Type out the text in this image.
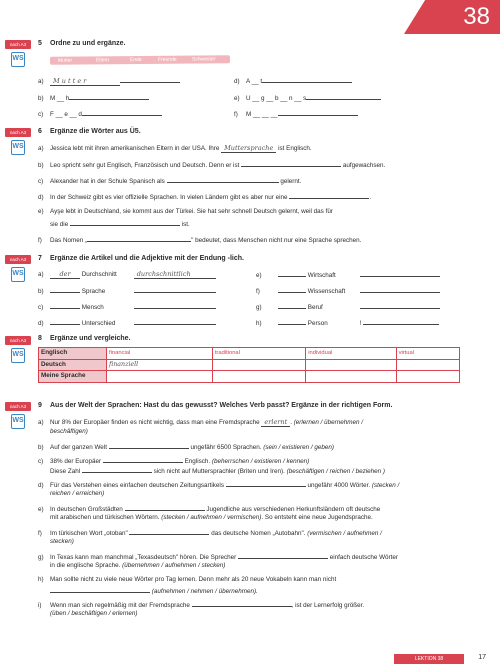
38
nach A3
WS
5 Ordne zu und ergänze.
Mutter	Eltern	Ende	Freunde	Schwester
a) M u t t e r	d) A __ t
b) M __ h	e) U __ g __ b __ n __ s
c) F __ e __ d	f) M __ __ __
nach A3
WS
6 Ergänze die Wörter aus Ü5.
a) Jessica lebt mit ihren amerikanischen Eltern in der USA. Ihre Muttersprache ist Englisch.
b) Leo spricht sehr gut Englisch, Französisch und Deutsch. Denn er ist	aufgewachsen.
c) Alexander hat in der Schule Spanisch als	gelernt.
d) In der Schweiz gibt es vier offizielle Sprachen. In vielen Ländern gibt es aber nur eine	.
e) Ayşe lebt in Deutschland, sie kommt aus der Türkei. Sie hat sehr schnell Deutsch gelernt, weil das für
sie die	ist.
f) Das Nomen „	" bedeutet, dass Menschen nicht nur eine Sprache sprechen.
nach A3
WS
7 Ergänze die Artikel und die Adjektive mit der Endung -lich.
a) der Durchschnitt	durchschnittlich	e)	Wirtschaft
b)	Sprache	f)	Wissenschaft
c)	Mensch	g)	Beruf
d)	Unterschied	h)	Person	!
nach A3
WS
8 Ergänze und vergleiche.
Englisch	financial	traditional	individual	virtual
Deutsch	finanziell			
Meine Sprache				
nach A3
WS
9 Aus der Welt der Sprachen: Hast du das gewusst? Welches Verb passt? Ergänze in der richtigen Form.
a) Nur 8% der Europäer finden es nicht wichtig, dass man eine Fremdsprache erlernt . (erlernen / übernehmen /
beschäftigen)
b) Auf der ganzen Welt	ungefähr 6500 Sprachen. (sein / existieren / geben)
c) 38% der Europäer	Englisch. (beherrschen / existieren / kennen)
Diese Zahl	sich nicht auf Muttersprachler (Briten und Iren). (beschäftigen / reichen / beziehen )
d) Für das Verstehen eines einfachen deutschen Zeitungsartikels	ungefähr 4000 Wörter. (stecken /
reichen / erreichen)
e) In deutschen Großstädten	Jugendliche aus verschiedenen Herkunftsländern oft deutsche
mit arabischen und türkischen Wörtern. (stecken / aufnehmen / vermischen). So entsteht eine neue Jugendsprache.
f) Im türkischen Wort „otoban"	das deutsche Nomen „Autobahn". (vermischen / aufnehmen /
stecken)
g) In Texas kann man manchmal „Texasdeutsch" hören. Die Sprecher	einfach deutsche Wörter
in die englische Sprache. (übernehmen / aufnehmen / stecken)
h) Man sollte nicht zu viele neue Wörter pro Tag lernen. Denn mehr als 20 neue Vokabeln kann man nicht
(aufnehmen / nehmen / übernehmen).
i) Wenn man sich regelmäßig mit der Fremdsprache	, ist der Lernerfolg größer.
(üben / beschäftigen / erlernen)
LEKTION 38	17
